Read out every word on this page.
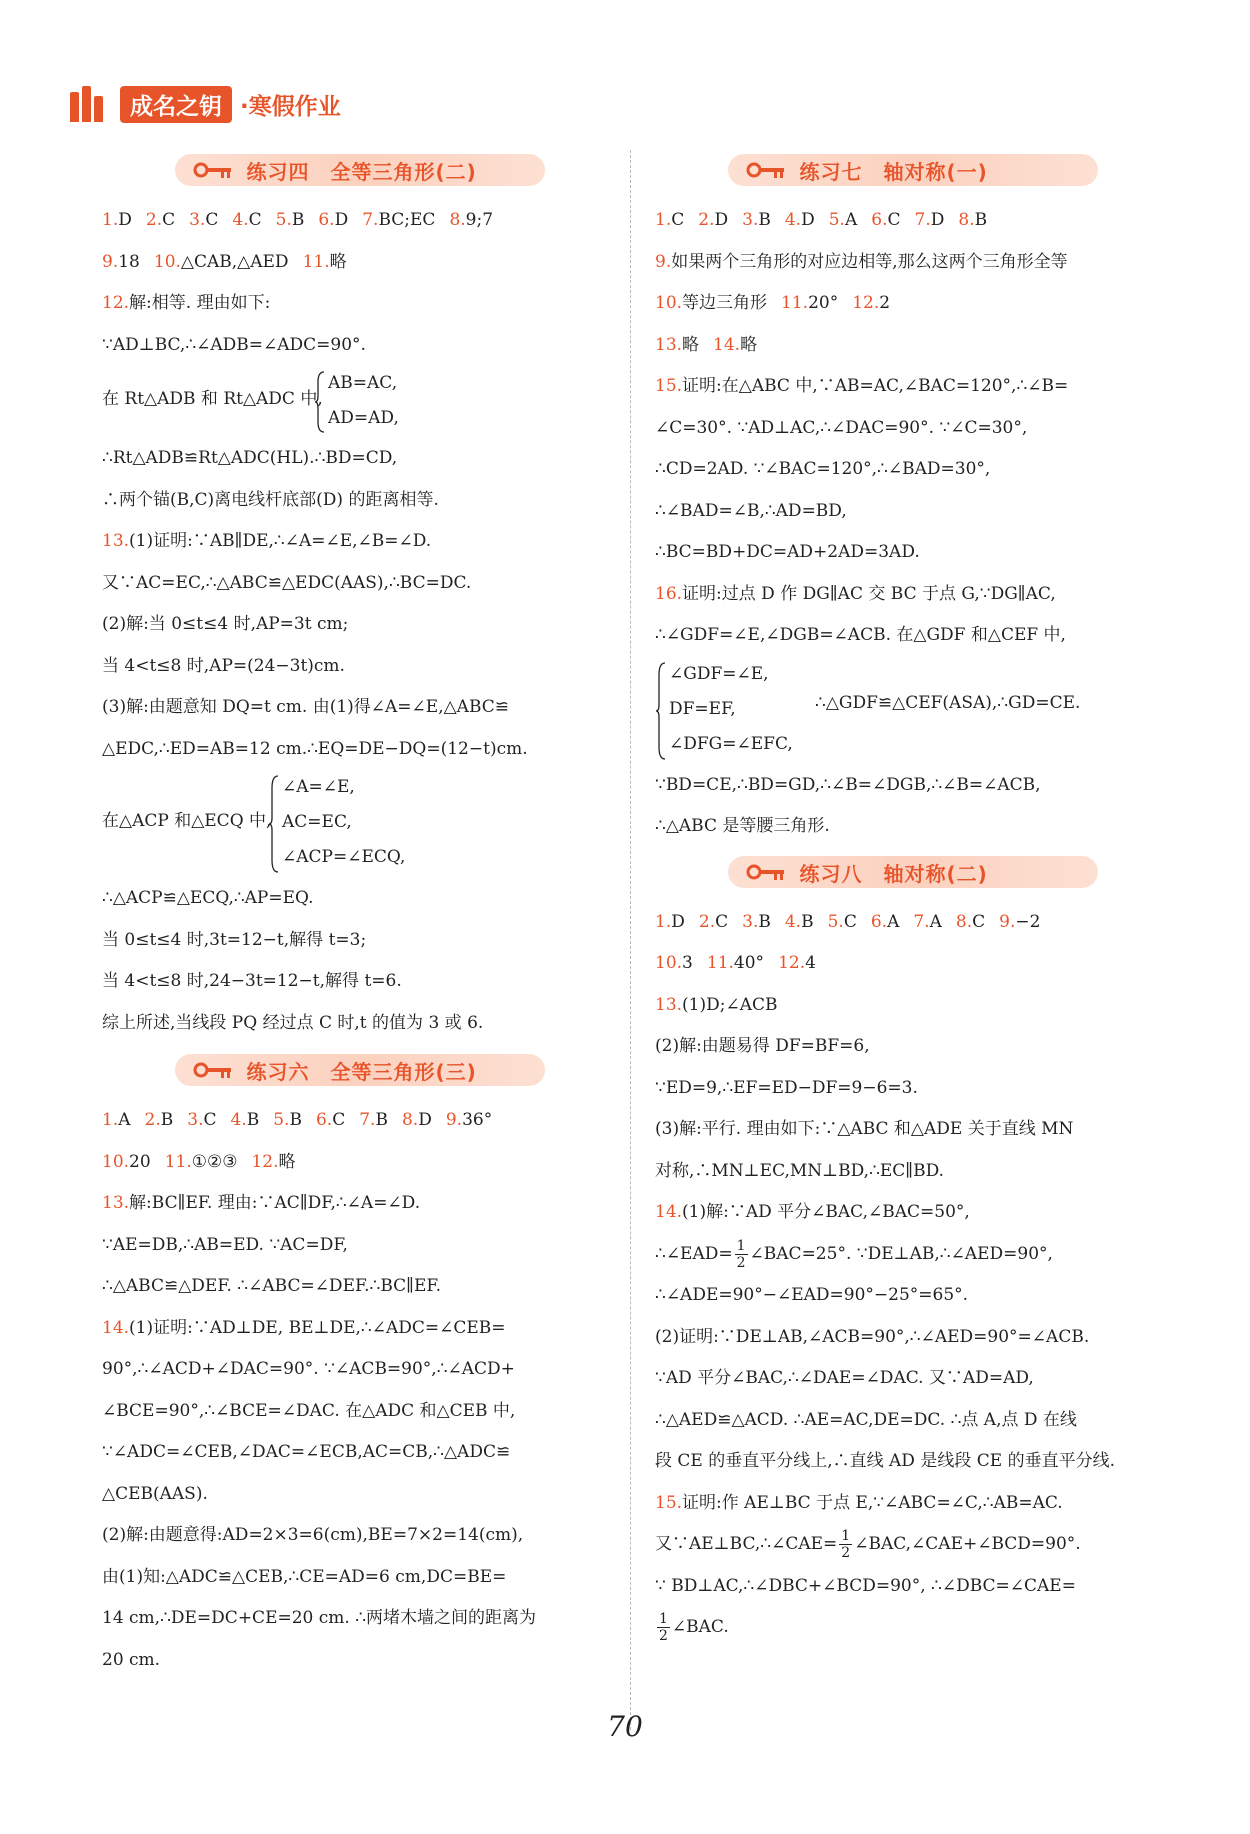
成名之钥 ·寒假作业
练习四　全等三角形(二)
1.D 2.C 3.C 4.C 5.B 6.D 7.BC;EC 8.9;7
9.18 10.△CAB,△AED 11.略
12.解:相等. 理由如下:
∵AD⊥BC,∴∠ADB=∠ADC=90°.
在 Rt△ADB 和 Rt△ADC 中,
AB=AC,
AD=AD,
∴Rt△ADB≌Rt△ADC(HL).∴BD=CD,
∴两个锚(B,C)离电线杆底部(D) 的距离相等.
13.(1)证明:∵AB∥DE,∴∠A=∠E,∠B=∠D.
又∵AC=EC,∴△ABC≌△EDC(AAS),∴BC=DC.
(2)解:当 0≤t≤4 时,AP=3t cm;
当 4<t≤8 时,AP=(24−3t)cm.
(3)解:由题意知 DQ=t cm. 由(1)得∠A=∠E,△ABC≌
△EDC,∴ED=AB=12 cm.∴EQ=DE−DQ=(12−t)cm.
在△ACP 和△ECQ 中,
∠A=∠E,
AC=EC,
∠ACP=∠ECQ,
∴△ACP≌△ECQ,∴AP=EQ.
当 0≤t≤4 时,3t=12−t,解得 t=3;
当 4<t≤8 时,24−3t=12−t,解得 t=6.
综上所述,当线段 PQ 经过点 C 时,t 的值为 3 或 6.
练习六　全等三角形(三)
1.A 2.B 3.C 4.B 5.B 6.C 7.B 8.D 9.36°
10.20 11.①②③ 12.略
13.解:BC∥EF. 理由:∵AC∥DF,∴∠A=∠D.
∵AE=DB,∴AB=ED. ∵AC=DF,
∴△ABC≌△DEF. ∴∠ABC=∠DEF.∴BC∥EF.
14.(1)证明:∵AD⊥DE, BE⊥DE,∴∠ADC=∠CEB=
90°,∴∠ACD+∠DAC=90°. ∵∠ACB=90°,∴∠ACD+
∠BCE=90°,∴∠BCE=∠DAC. 在△ADC 和△CEB 中,
∵∠ADC=∠CEB,∠DAC=∠ECB,AC=CB,∴△ADC≌
△CEB(AAS).
(2)解:由题意得:AD=2×3=6(cm),BE=7×2=14(cm),
由(1)知:△ADC≌△CEB,∴CE=AD=6 cm,DC=BE=
14 cm,∴DE=DC+CE=20 cm. ∴两堵木墙之间的距离为
20 cm.
练习七　轴对称(一)
1.C 2.D 3.B 4.D 5.A 6.C 7.D 8.B
9.如果两个三角形的对应边相等,那么这两个三角形全等
10.等边三角形 11.20° 12.2
13.略 14.略
15.证明:在△ABC 中,∵AB=AC,∠BAC=120°,∴∠B=
∠C=30°. ∵AD⊥AC,∴∠DAC=90°. ∵∠C=30°,
∴CD=2AD. ∵∠BAC=120°,∴∠BAD=30°,
∴∠BAD=∠B,∴AD=BD,
∴BC=BD+DC=AD+2AD=3AD.
16.证明:过点 D 作 DG∥AC 交 BC 于点 G,∵DG∥AC,
∴∠GDF=∠E,∠DGB=∠ACB. 在△GDF 和△CEF 中,
∠GDF=∠E,
DF=EF,
∠DFG=∠EFC,
∴△GDF≌△CEF(ASA),∴GD=CE.
∵BD=CE,∴BD=GD,∴∠B=∠DGB,∴∠B=∠ACB,
∴△ABC 是等腰三角形.
练习八　轴对称(二)
1.D 2.C 3.B 4.B 5.C 6.A 7.A 8.C 9.−2
10.3 11.40° 12.4
13.(1)D;∠ACB
(2)解:由题易得 DF=BF=6,
∵ED=9,∴EF=ED−DF=9−6=3.
(3)解:平行. 理由如下:∵△ABC 和△ADE 关于直线 MN
对称,∴MN⊥EC,MN⊥BD,∴EC∥BD.
14.(1)解:∵AD 平分∠BAC,∠BAC=50°,
∴∠EAD= $\frac{1}{2}$ ∠BAC=25°. ∵DE⊥AB,∴∠AED=90°,
∴∠ADE=90°−∠EAD=90°−25°=65°.
(2)证明:∵DE⊥AB,∠ACB=90°,∴∠AED=90°=∠ACB.
∵AD 平分∠BAC,∴∠DAE=∠DAC. 又∵AD=AD,
∴△AED≌△ACD. ∴AE=AC,DE=DC. ∴点 A,点 D 在线
段 CE 的垂直平分线上,∴直线 AD 是线段 CE 的垂直平分线.
15.证明:作 AE⊥BC 于点 E,∵∠ABC=∠C,∴AB=AC.
又∵AE⊥BC,∴∠CAE= $\frac{1}{2}$ ∠BAC,∠CAE+∠BCD=90°.
∵ BD⊥AC,∴∠DBC+∠BCD=90°, ∴∠DBC=∠CAE=
$\frac{1}{2}$ ∠BAC.
70
